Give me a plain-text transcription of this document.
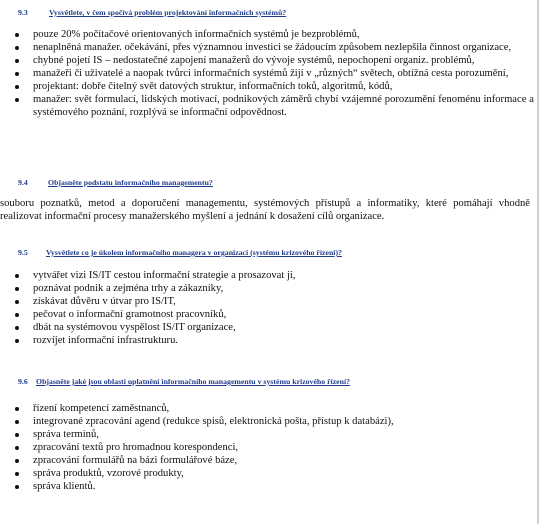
9.3	Vysvětlete, v čem spočívá problém projektování informačních systémů?
pouze 20% počítačové orientovaných informačních systémů je bezproblémů,
nenaplněná manažer. očekávání, přes významnou investici se žádoucím způsobem nezlepšila činnost organizace,
chybné pojetí IS – nedostatečné zapojení manažerů do vývoje systémů, nepochopení organiz. problémů,
manažeři či uživatelé a naopak tvůrci informačních systémů žijí v „různých“ světech, obtížná cesta porozumění,
projektant: dobře čitelný svět datových struktur, informačních toků, algoritmů, kódů,
manažer: svět formulací, lidských motivací, podnikových záměrů chybí vzájemné porozumění fenoménu informace a systémového poznání, rozplývá se informační odpovědnost.
9.4	Objasněte podstatu informačního managementu?

souboru poznatků, metod a doporučení managementu, systémových přístupů a informatiky, které pomáhají vhodně realizovat informační procesy manažerského myšlení a jednání k dosažení cílů organizace.

9.5 Vysvětlete co je úkolem informačního managera v organizaci (systému krizového řízení)?
vytvářet vizi IS/IT cestou informační strategie a prosazovat ji,
poznávat podnik a zejména trhy a zákazníky,
získávat důvěru v útvar pro IS/IT,
pečovat o informační gramotnost pracovníků,
dbát na systémovou vyspělost IS/IT organizace,
rozvíjet informační infrastrukturu.
9.6 Objasněte jaké jsou oblasti uplatnění informačního managementu v systému krizového řízení?
řízení kompetencí zaměstnanců,
integrované zpracování agend (redukce spisů, elektronická pošta, přístup k databázi),
správa termínů,
zpracování textů pro hromadnou korespondenci,
zpracování formulářů na bázi formulářové báze,
správa produktů, vzorové produkty,
správa klientů.
